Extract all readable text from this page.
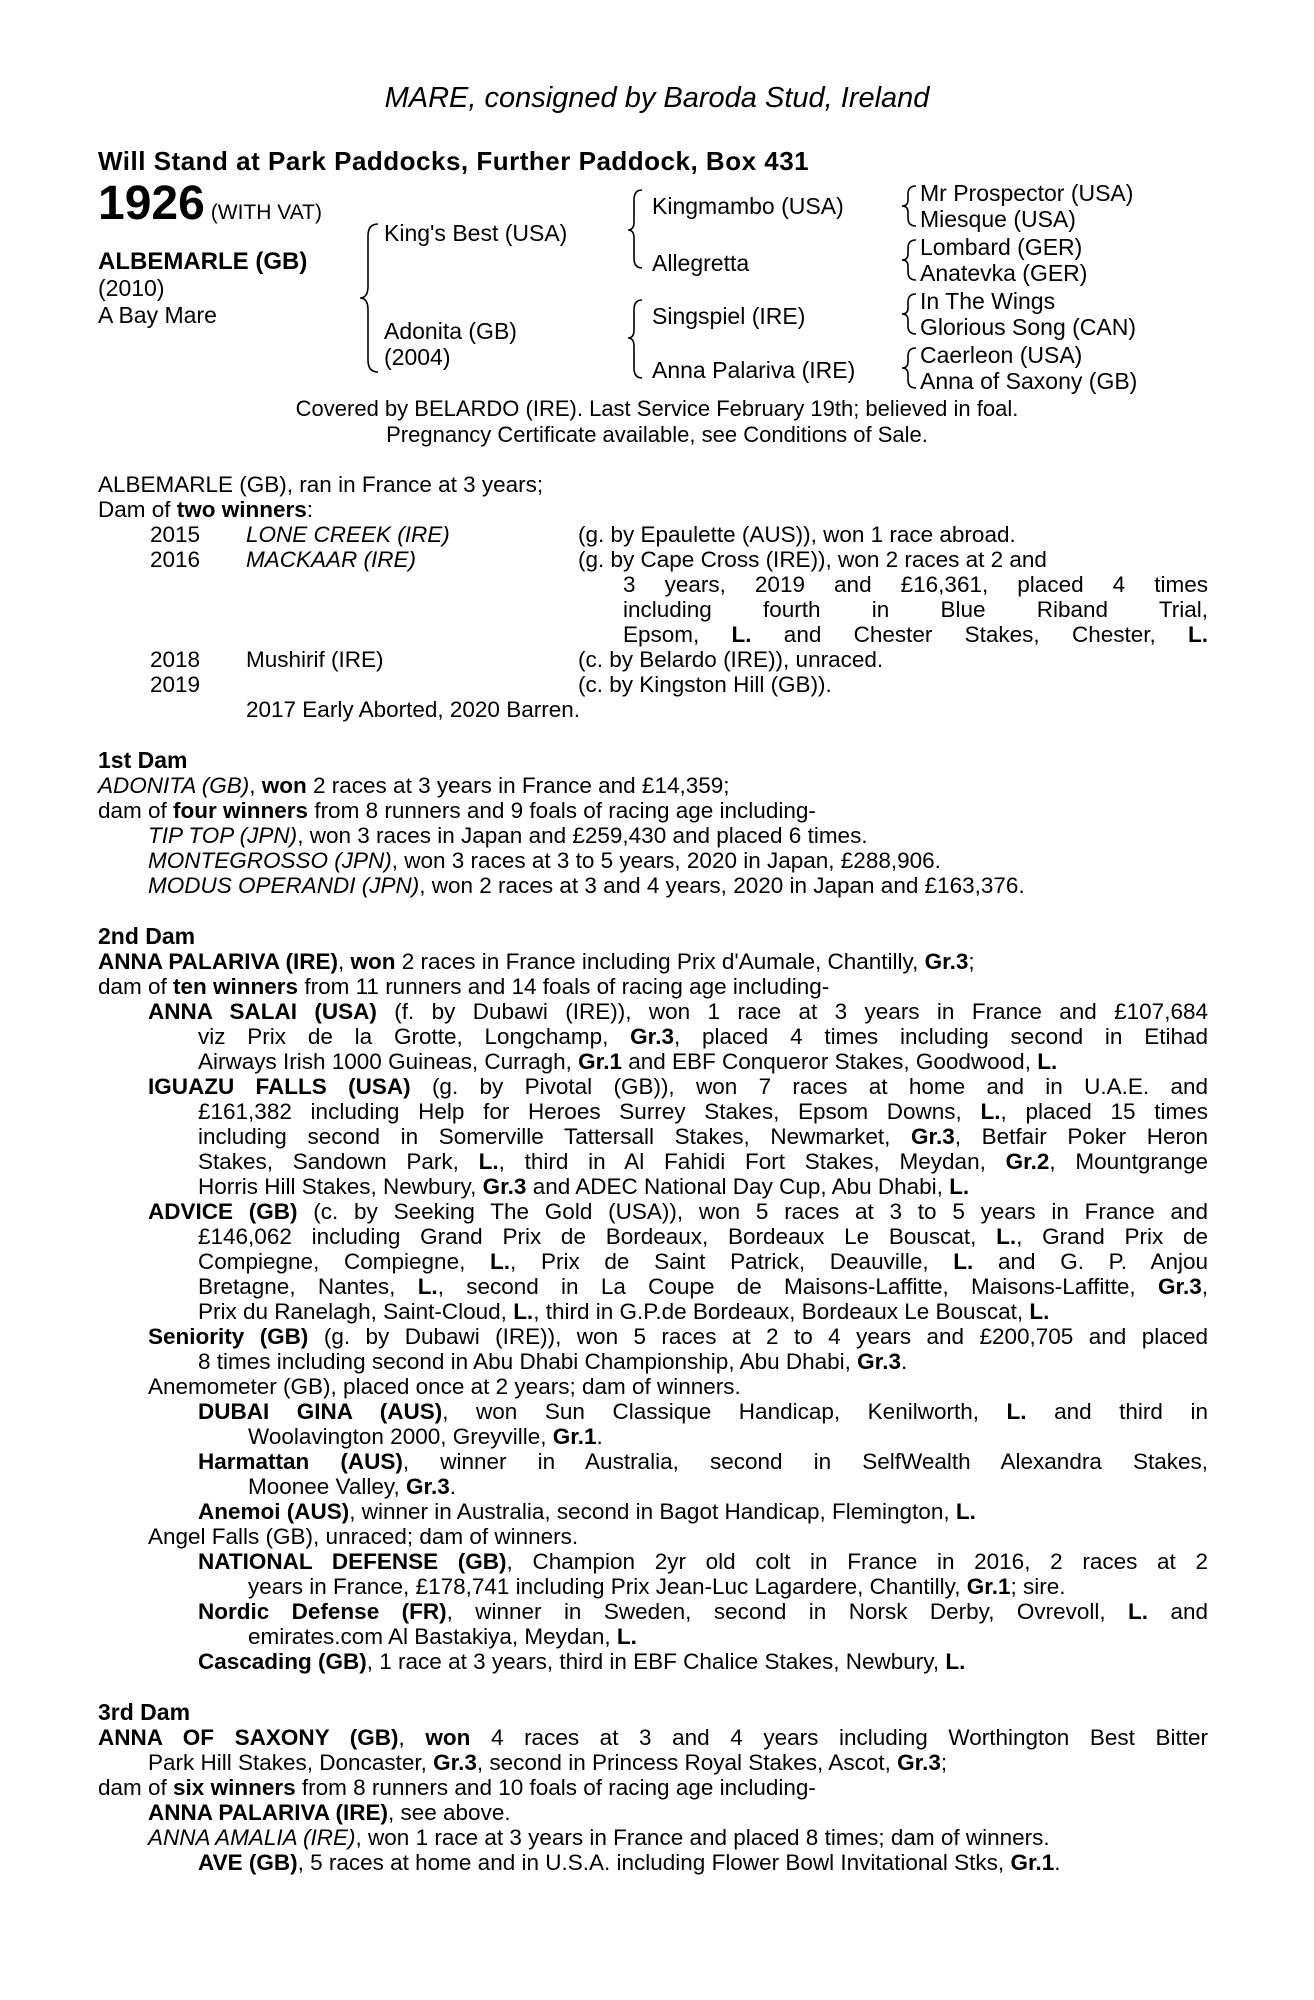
MARE, consigned by Baroda Stud, Ireland
Will Stand at Park Paddocks, Further Paddock, Box 431
1926 (WITH VAT)
ALBEMARLE (GB)
(2010)
A Bay Mare
King's Best (USA)
Adonita (GB)
(2004)
Kingmambo (USA)
Allegretta
Singspiel (IRE)
Anna Palariva (IRE)
Mr Prospector (USA)
Miesque (USA)
Lombard (GER)
Anatevka (GER)
In The Wings
Glorious Song (CAN)
Caerleon (USA)
Anna of Saxony (GB)
Covered by BELARDO (IRE). Last Service February 19th; believed in foal.
Pregnancy Certificate available, see Conditions of Sale.
ALBEMARLE (GB), ran in France at 3 years;
Dam of two winners:
2015 LONE CREEK (IRE)	(g. by Epaulette (AUS)), won 1 race abroad.
2016 MACKAAR (IRE)	(g. by Cape Cross (IRE)), won 2 races at 2 and
3 years, 2019 and £16,361, placed 4 times
including fourth in Blue Riband Trial,
Epsom, L. and Chester Stakes, Chester, L.
2018 Mushirif (IRE)	(c. by Belardo (IRE)), unraced.
2019	(c. by Kingston Hill (GB)).
2017 Early Aborted, 2020 Barren.
1st Dam
ADONITA (GB), won 2 races at 3 years in France and £14,359;
dam of four winners from 8 runners and 9 foals of racing age including-
TIP TOP (JPN), won 3 races in Japan and £259,430 and placed 6 times.
MONTEGROSSO (JPN), won 3 races at 3 to 5 years, 2020 in Japan, £288,906.
MODUS OPERANDI (JPN), won 2 races at 3 and 4 years, 2020 in Japan and £163,376.
2nd Dam
ANNA PALARIVA (IRE), won 2 races in France including Prix d'Aumale, Chantilly, Gr.3;
dam of ten winners from 11 runners and 14 foals of racing age including-
ANNA SALAI (USA) (f. by Dubawi (IRE)), won 1 race at 3 years in France and £107,684
viz Prix de la Grotte, Longchamp, Gr.3, placed 4 times including second in Etihad
Airways Irish 1000 Guineas, Curragh, Gr.1 and EBF Conqueror Stakes, Goodwood, L.
IGUAZU FALLS (USA) (g. by Pivotal (GB)), won 7 races at home and in U.A.E. and
£161,382 including Help for Heroes Surrey Stakes, Epsom Downs, L., placed 15 times
including second in Somerville Tattersall Stakes, Newmarket, Gr.3, Betfair Poker Heron
Stakes, Sandown Park, L., third in Al Fahidi Fort Stakes, Meydan, Gr.2, Mountgrange
Horris Hill Stakes, Newbury, Gr.3 and ADEC National Day Cup, Abu Dhabi, L.
ADVICE (GB) (c. by Seeking The Gold (USA)), won 5 races at 3 to 5 years in France and
£146,062 including Grand Prix de Bordeaux, Bordeaux Le Bouscat, L., Grand Prix de
Compiegne, Compiegne, L., Prix de Saint Patrick, Deauville, L. and G. P. Anjou
Bretagne, Nantes, L., second in La Coupe de Maisons-Laffitte, Maisons-Laffitte, Gr.3,
Prix du Ranelagh, Saint-Cloud, L., third in G.P.de Bordeaux, Bordeaux Le Bouscat, L.
Seniority (GB) (g. by Dubawi (IRE)), won 5 races at 2 to 4 years and £200,705 and placed
8 times including second in Abu Dhabi Championship, Abu Dhabi, Gr.3.
Anemometer (GB), placed once at 2 years; dam of winners.
DUBAI GINA (AUS), won Sun Classique Handicap, Kenilworth, L. and third in
Woolavington 2000, Greyville, Gr.1.
Harmattan (AUS), winner in Australia, second in SelfWealth Alexandra Stakes,
Moonee Valley, Gr.3.
Anemoi (AUS), winner in Australia, second in Bagot Handicap, Flemington, L.
Angel Falls (GB), unraced; dam of winners.
NATIONAL DEFENSE (GB), Champion 2yr old colt in France in 2016, 2 races at 2
years in France, £178,741 including Prix Jean-Luc Lagardere, Chantilly, Gr.1; sire.
Nordic Defense (FR), winner in Sweden, second in Norsk Derby, Ovrevoll, L. and
emirates.com Al Bastakiya, Meydan, L.
Cascading (GB), 1 race at 3 years, third in EBF Chalice Stakes, Newbury, L.
3rd Dam
ANNA OF SAXONY (GB), won 4 races at 3 and 4 years including Worthington Best Bitter
Park Hill Stakes, Doncaster, Gr.3, second in Princess Royal Stakes, Ascot, Gr.3;
dam of six winners from 8 runners and 10 foals of racing age including-
ANNA PALARIVA (IRE), see above.
ANNA AMALIA (IRE), won 1 race at 3 years in France and placed 8 times; dam of winners.
AVE (GB), 5 races at home and in U.S.A. including Flower Bowl Invitational Stks, Gr.1.
